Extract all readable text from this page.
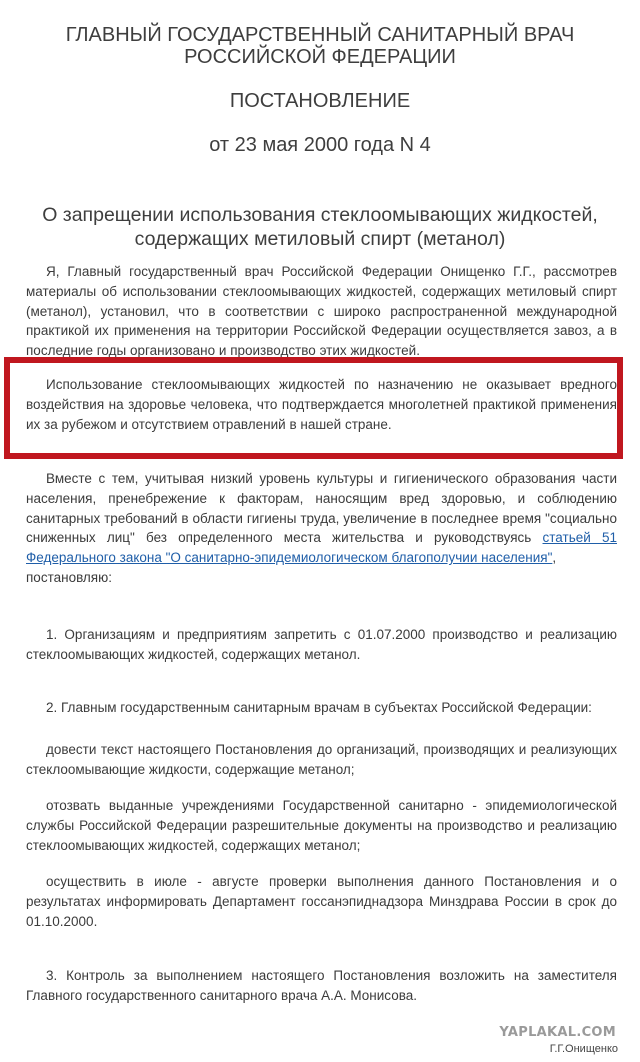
ГЛАВНЫЙ ГОСУДАРСТВЕННЫЙ САНИТАРНЫЙ ВРАЧ
РОССИЙСКОЙ ФЕДЕРАЦИИ
ПОСТАНОВЛЕНИЕ
от 23 мая 2000 года N 4
О запрещении использования стеклоомывающих жидкостей,
содержащих метиловый спирт (метанол)

Я, Главный государственный врач Российской Федерации Онищенко Г.Г., рассмотрев материалы об использовании стеклоомывающих жидкостей, содержащих метиловый спирт (метанол), установил, что в соответствии с широко распространенной международной практикой их применения на территории Российской Федерации осуществляется завоз, а в последние годы организовано и производство этих жидкостей.

Использование стеклоомывающих жидкостей по назначению не оказывает вредного воздействия на здоровье человека, что подтверждается многолетней практикой применения их за рубежом и отсутствием отравлений в нашей стране.

Вместе с тем, учитывая низкий уровень культуры и гигиенического образования части населения, пренебрежение к факторам, наносящим вред здоровью, и соблюдению санитарных требований в области гигиены труда, увеличение в последнее время "социально сниженных лиц" без определенного места жительства и руководствуясь статьей 51 Федерального закона "О санитарно-эпидемиологическом благополучии населения",

постановляю:

1. Организациям и предприятиям запретить с 01.07.2000 производство и реализацию стеклоомывающих жидкостей, содержащих метанол.

2. Главным государственным санитарным врачам в субъектах Российской Федерации:

довести текст настоящего Постановления до организаций, производящих и реализующих стеклоомывающие жидкости, содержащие метанол;

отозвать выданные учреждениями Государственной санитарно - эпидемиологической службы Российской Федерации разрешительные документы на производство и реализацию стеклоомывающих жидкостей, содержащих метанол;

осуществить в июле - августе проверки выполнения данного Постановления и о результатах информировать Департамент госсанэпиднадзора Минздрава России в срок до 01.10.2000.

3. Контроль за выполнением настоящего Постановления возложить на заместителя Главного государственного санитарного врача А.А. Монисова.

YAPLAKAL.COM
Г.Г.Онищенко
